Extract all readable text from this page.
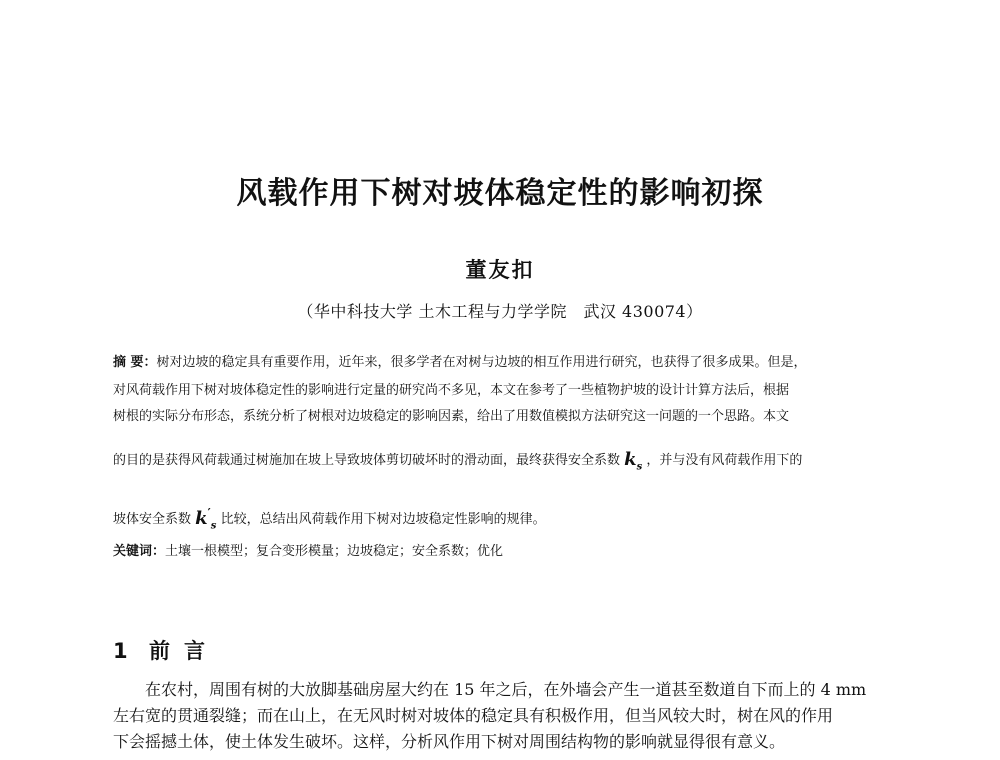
风载作用下树对坡体稳定性的影响初探
董友扣
（华中科技大学 土木工程与力学学院　武汉 430074）

摘 要：树对边坡的稳定具有重要作用，近年来，很多学者在对树与边坡的相互作用进行研究，也获得了很多成果。但是，

对风荷载作用下树对坡体稳定性的影响进行定量的研究尚不多见，本文在参考了一些植物护坡的设计计算方法后，根据

树根的实际分布形态，系统分析了树根对边坡稳定的影响因素，给出了用数值模拟方法研究这一问题的一个思路。本文

的目的是获得风荷载通过树施加在坡上导致坡体剪切破坏时的滑动面，最终获得安全系数 $k_s$ ，并与没有风荷载作用下的

坡体安全系数 $k'_s$ 比较，总结出风荷载作用下树对边坡稳定性影响的规律。

关键词：土壤一根模型；复合变形模量；边坡稳定；安全系数；优化

1 前言

在农村，周围有树的大放脚基础房屋大约在 15 年之后，在外墙会产生一道甚至数道自下而上的 4 mm

左右宽的贯通裂缝；而在山上，在无风时树对坡体的稳定具有积极作用，但当风较大时，树在风的作用

下会摇撼土体，使土体发生破坏。这样，分析风作用下树对周围结构物的影响就显得很有意义。
